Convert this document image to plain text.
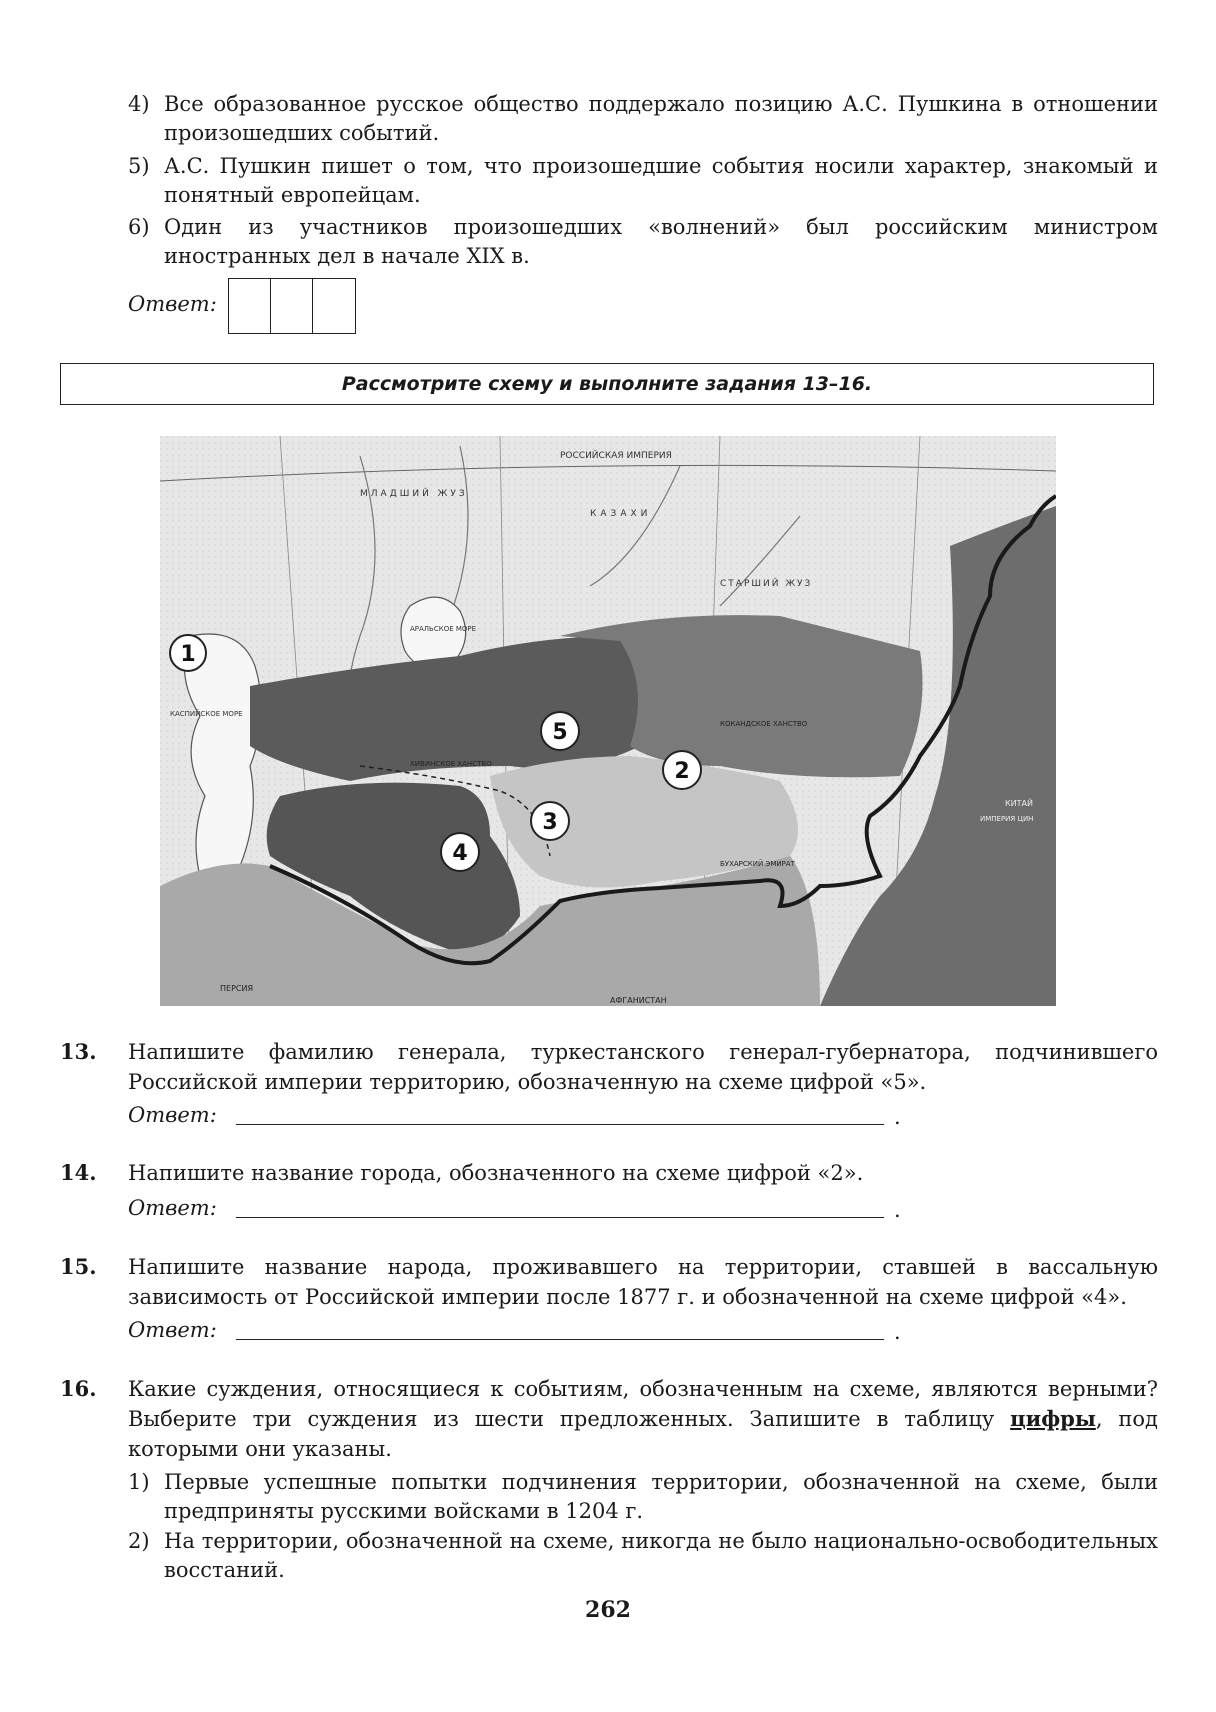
4) Все образованное русское общество поддержало позицию А.С. Пушкина в отношении произошедших событий.
5) А.С. Пушкин пишет о том, что произошедшие события носили характер, знакомый и понятный европейцам.
6) Один из участников произошедших «волнений» был российским министром иностранных дел в начале XIX в.
Ответ:
Рассмотрите схему и выполните задания 13–16.
РОССИЙСКАЯ ИМПЕРИЯ
МЛАДШИЙ ЖУЗ
КАЗАХИ
СТАРШИЙ ЖУЗ
АРАЛЬСКОЕ МОРЕ
КАСПИЙСКОЕ МОРЕ
КОКАНДСКОЕ ХАНСТВО
ХИВИНСКОЕ ХАНСТВО
БУХАРСКИЙ ЭМИРАТ
АФГАНИСТАН
КИТАЙ
ИМПЕРИЯ ЦИН
ПЕРСИЯ
1
5
2
3
4
13. Напишите фамилию генерала, туркестанского генерал-губернатора, подчинившего Российской империи территорию, обозначенную на схеме цифрой «5».
Ответ:	.
14. Напишите название города, обозначенного на схеме цифрой «2».
Ответ:	.
15. Напишите название народа, проживавшего на территории, ставшей в вассальную зависимость от Российской империи после 1877 г. и обозначенной на схеме цифрой «4».
Ответ:	.
16. Какие суждения, относящиеся к событиям, обозначенным на схеме, являются верными? Выберите три суждения из шести предложенных. Запишите в таблицу цифры, под которыми они указаны.
1) Первые успешные попытки подчинения территории, обозначенной на схеме, были предприняты русскими войсками в 1204 г.
2) На территории, обозначенной на схеме, никогда не было национально-освободительных восстаний.
262
